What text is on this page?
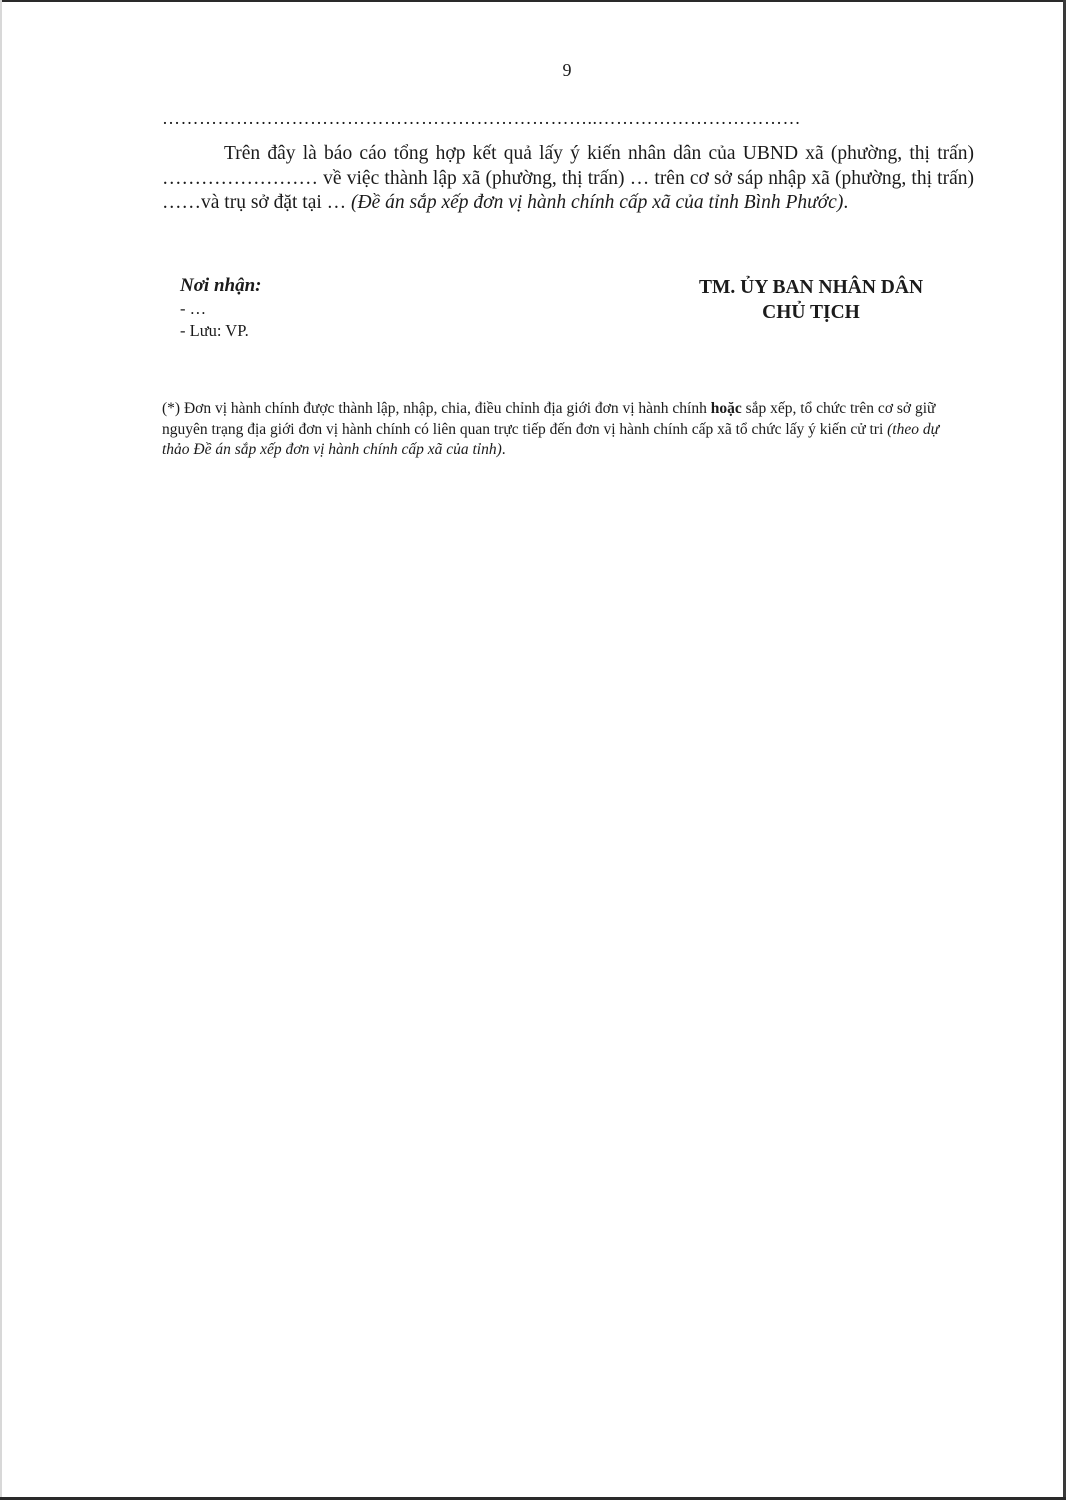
9
……………………………………………………………..……………………………
Trên đây là báo cáo tổng hợp kết quả lấy ý kiến nhân dân của UBND xã (phường, thị trấn) …………………… về việc thành lập xã (phường, thị trấn) … trên cơ sở sáp nhập xã (phường, thị trấn) ……và trụ sở đặt tại … (Đề án sắp xếp đơn vị hành chính cấp xã của tỉnh Bình Phước).
Nơi nhận:
- …
- Lưu: VP.
TM. ỦY BAN NHÂN DÂN
CHỦ TỊCH
(*) Đơn vị hành chính được thành lập, nhập, chia, điều chỉnh địa giới đơn vị hành chính hoặc sắp xếp, tổ chức trên cơ sở giữ nguyên trạng địa giới đơn vị hành chính có liên quan trực tiếp đến đơn vị hành chính cấp xã tổ chức lấy ý kiến cử tri (theo dự thảo Đề án sắp xếp đơn vị hành chính cấp xã của tỉnh).
